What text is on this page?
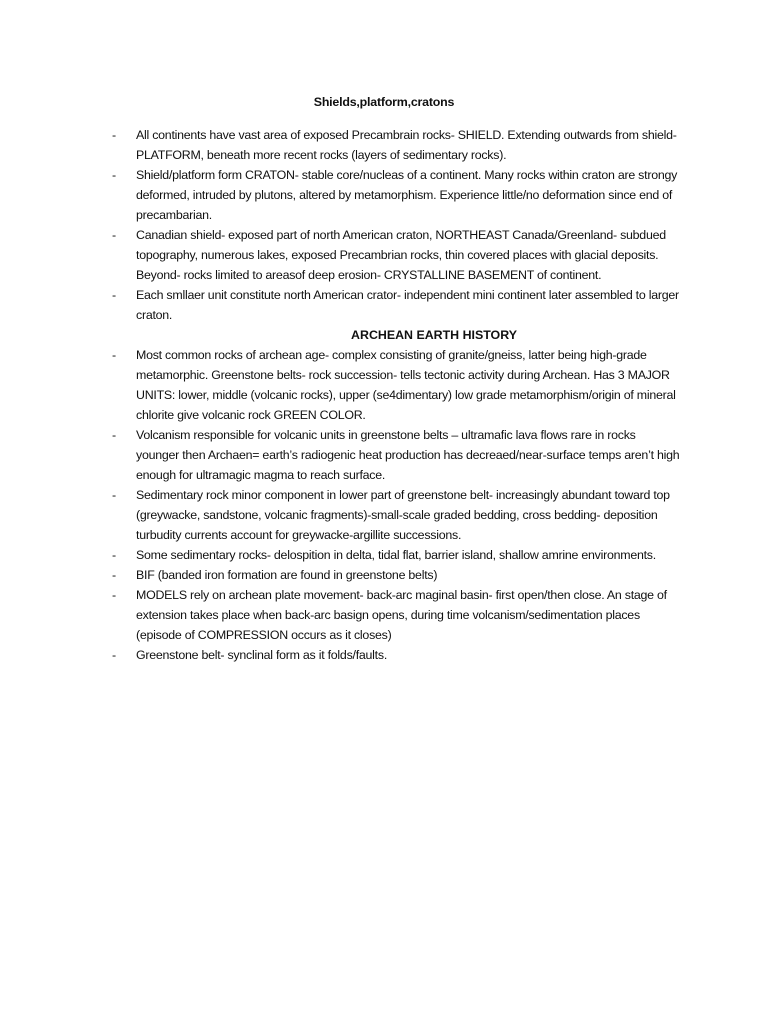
Shields,platform,cratons
- All continents have vast area of exposed Precambrain rocks- SHIELD. Extending outwards from shield- PLATFORM, beneath more recent rocks (layers of sedimentary rocks).
- Shield/platform form CRATON- stable core/nucleas of a continent. Many rocks within craton are strongy deformed, intruded by plutons, altered by metamorphism. Experience little/no deformation since end of precambarian.
- Canadian shield- exposed part of north American craton, NORTHEAST Canada/Greenland- subdued topography, numerous lakes, exposed Precambrian rocks, thin covered places with glacial deposits. Beyond- rocks limited to areasof deep erosion- CRYSTALLINE BASEMENT of continent.
- Each smllaer unit constitute north American crator- independent mini continent later assembled to larger craton.
ARCHEAN EARTH HISTORY
- Most common rocks of archean age- complex consisting of granite/gneiss, latter being high-grade metamorphic. Greenstone belts- rock succession- tells tectonic activity during Archean. Has 3 MAJOR UNITS: lower, middle (volcanic rocks), upper (se4dimentary) low grade metamorphism/origin of mineral chlorite give volcanic rock GREEN COLOR.
- Volcanism responsible for volcanic units in greenstone belts – ultramafic lava flows rare in rocks younger then Archaen= earth’s radiogenic heat production has decreaed/near-surface temps aren’t high enough for ultramagic magma to reach surface.
- Sedimentary rock minor component in lower part of greenstone belt- increasingly abundant toward top (greywacke, sandstone, volcanic fragments)-small-scale graded bedding, cross bedding- deposition turbudity currents account for greywacke-argillite successions.
- Some sedimentary rocks- delospition in delta, tidal flat, barrier island, shallow amrine environments.
- BIF (banded iron formation are found in greenstone belts)
- MODELS rely on archean plate movement- back-arc maginal basin- first open/then close. An stage of extension takes place when back-arc basign opens, during time volcanism/sedimentation places (episode of COMPRESSION occurs as it closes)
- Greenstone belt- synclinal form as it folds/faults.
